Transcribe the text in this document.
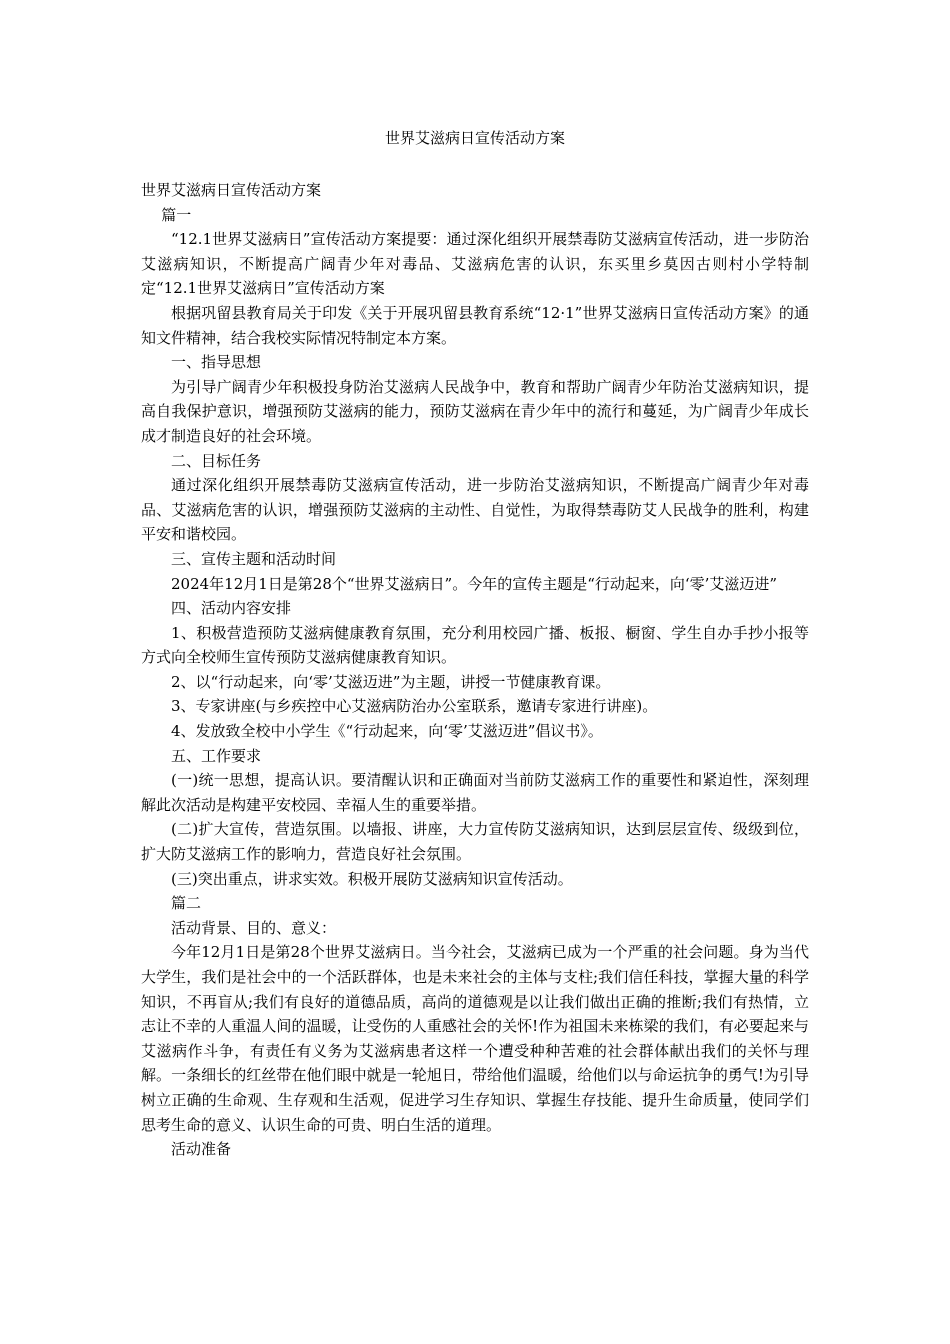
世界艾滋病日宣传活动方案

世界艾滋病日宣传活动方案

篇一

“12.1世界艾滋病日”宣传活动方案提要：通过深化组织开展禁毒防艾滋病宣传活动，进一步防治艾滋病知识，不断提高广阔青少年对毒品、艾滋病危害的认识，东买里乡莫因古则村小学特制定“12.1世界艾滋病日”宣传活动方案

根据巩留县教育局关于印发《关于开展巩留县教育系统“12·1”世界艾滋病日宣传活动方案》的通知文件精神，结合我校实际情况特制定本方案。

一、指导思想

为引导广阔青少年积极投身防治艾滋病人民战争中，教育和帮助广阔青少年防治艾滋病知识，提高自我保护意识，增强预防艾滋病的能力，预防艾滋病在青少年中的流行和蔓延，为广阔青少年成长成才制造良好的社会环境。

二、目标任务

通过深化组织开展禁毒防艾滋病宣传活动，进一步防治艾滋病知识，不断提高广阔青少年对毒品、艾滋病危害的认识，增强预防艾滋病的主动性、自觉性，为取得禁毒防艾人民战争的胜利，构建平安和谐校园。

三、宣传主题和活动时间

2024年12月1日是第28个“世界艾滋病日”。今年的宣传主题是“行动起来，向‘零’艾滋迈进”

四、活动内容安排

1、积极营造预防艾滋病健康教育氛围，充分利用校园广播、板报、橱窗、学生自办手抄小报等方式向全校师生宣传预防艾滋病健康教育知识。

2、以“行动起来，向‘零’艾滋迈进”为主题，讲授一节健康教育课。

3、专家讲座(与乡疾控中心艾滋病防治办公室联系，邀请专家进行讲座)。

4、发放致全校中小学生《“行动起来，向‘零’艾滋迈进”倡议书》。

五、工作要求

(一)统一思想，提高认识。要清醒认识和正确面对当前防艾滋病工作的重要性和紧迫性，深刻理解此次活动是构建平安校园、幸福人生的重要举措。

(二)扩大宣传，营造氛围。以墙报、讲座，大力宣传防艾滋病知识，达到层层宣传、级级到位，扩大防艾滋病工作的影响力，营造良好社会氛围。

(三)突出重点，讲求实效。积极开展防艾滋病知识宣传活动。

篇二

活动背景、目的、意义：

今年12月1日是第28个世界艾滋病日。当今社会，艾滋病已成为一个严重的社会问题。身为当代大学生，我们是社会中的一个活跃群体，也是未来社会的主体与支柱;我们信任科技，掌握大量的科学知识，不再盲从;我们有良好的道德品质，高尚的道德观是以让我们做出正确的推断;我们有热情，立志让不幸的人重温人间的温暖，让受伤的人重感社会的关怀!作为祖国未来栋梁的我们，有必要起来与艾滋病作斗争，有责任有义务为艾滋病患者这样一个遭受种种苦难的社会群体献出我们的关怀与理解。一条细长的红丝带在他们眼中就是一轮旭日，带给他们温暖，给他们以与命运抗争的勇气!为引导树立正确的生命观、生存观和生活观，促进学习生存知识、掌握生存技能、提升生命质量，使同学们思考生命的意义、认识生命的可贵、明白生活的道理。

活动准备
